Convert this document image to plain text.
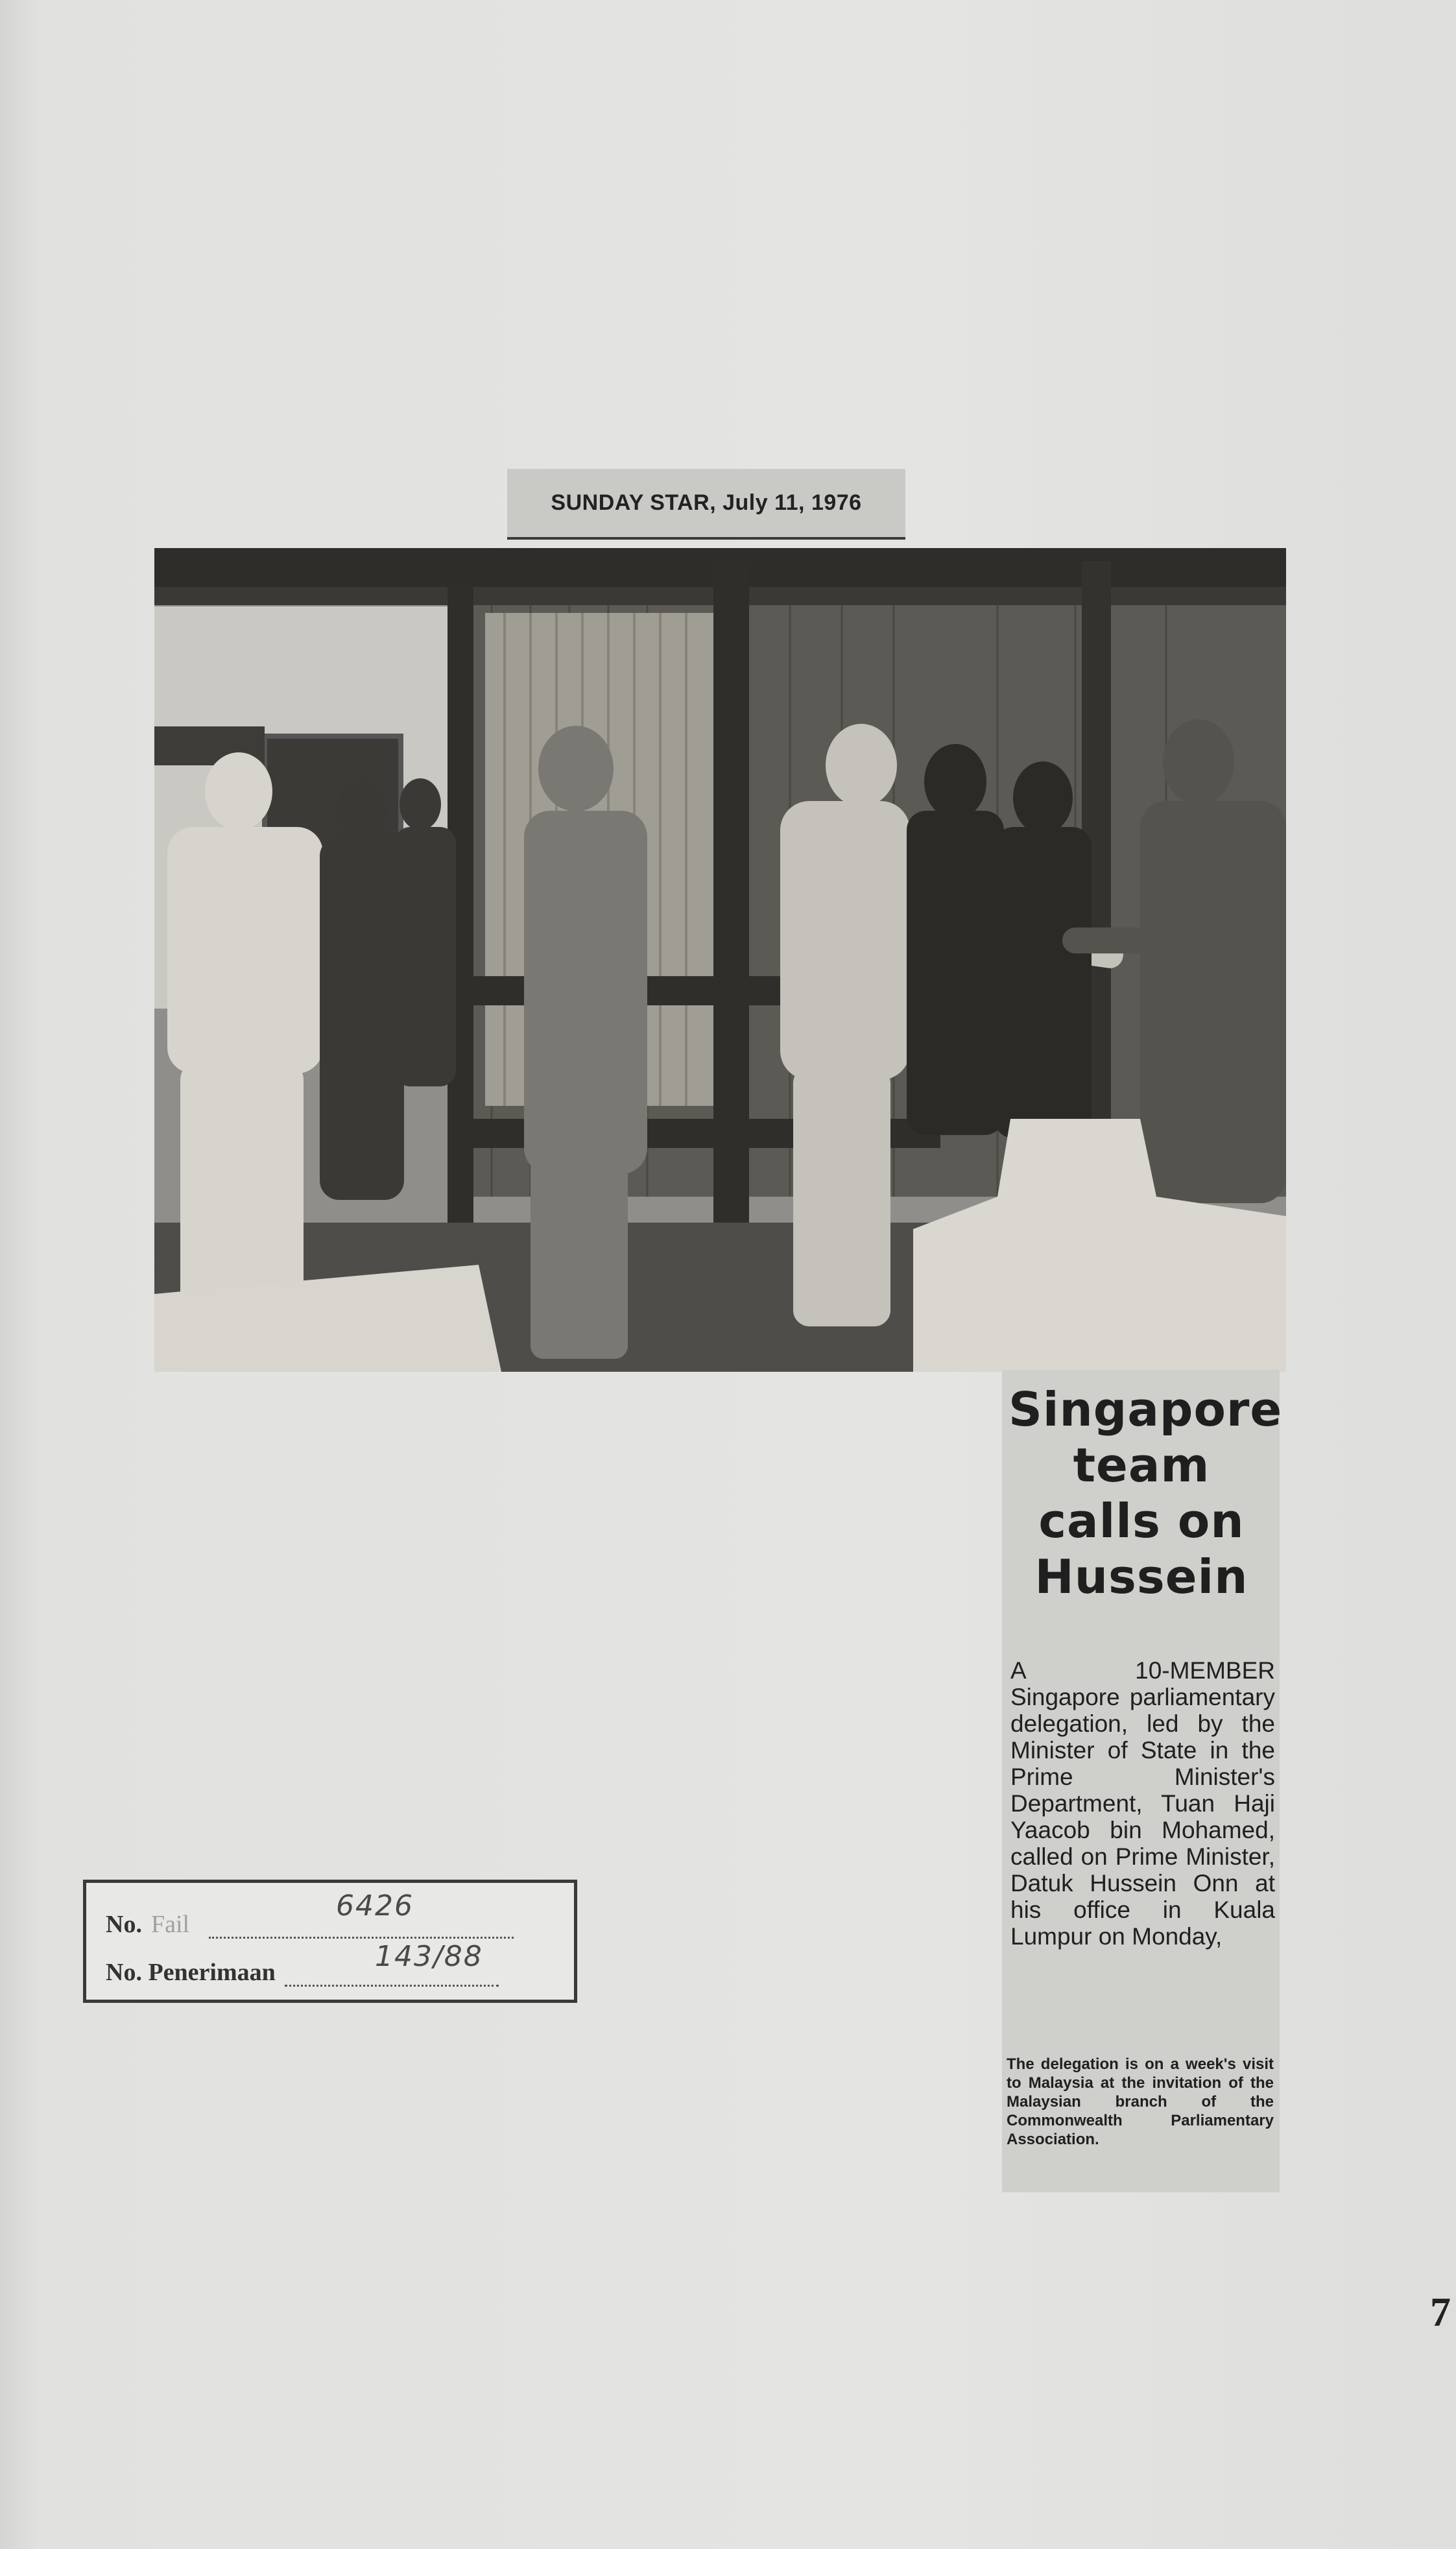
SUNDAY STAR, July 11, 1976
Singapore
team
calls on
Hussein
A 10-MEMBER Singapore parliamentary delegation, led by the Minister of State in the Prime Minister's Department, Tuan Haji Yaacob bin Mohamed, called on Prime Minister, Datuk Hussein Onn at his office in Kuala Lumpur on Monday,
The delegation is on a week's visit to Malaysia at the invitation of the Malaysian branch of the Commonwealth Parliamentary Association.
No. Fail
No. Penerimaan
6426
143/88
7
